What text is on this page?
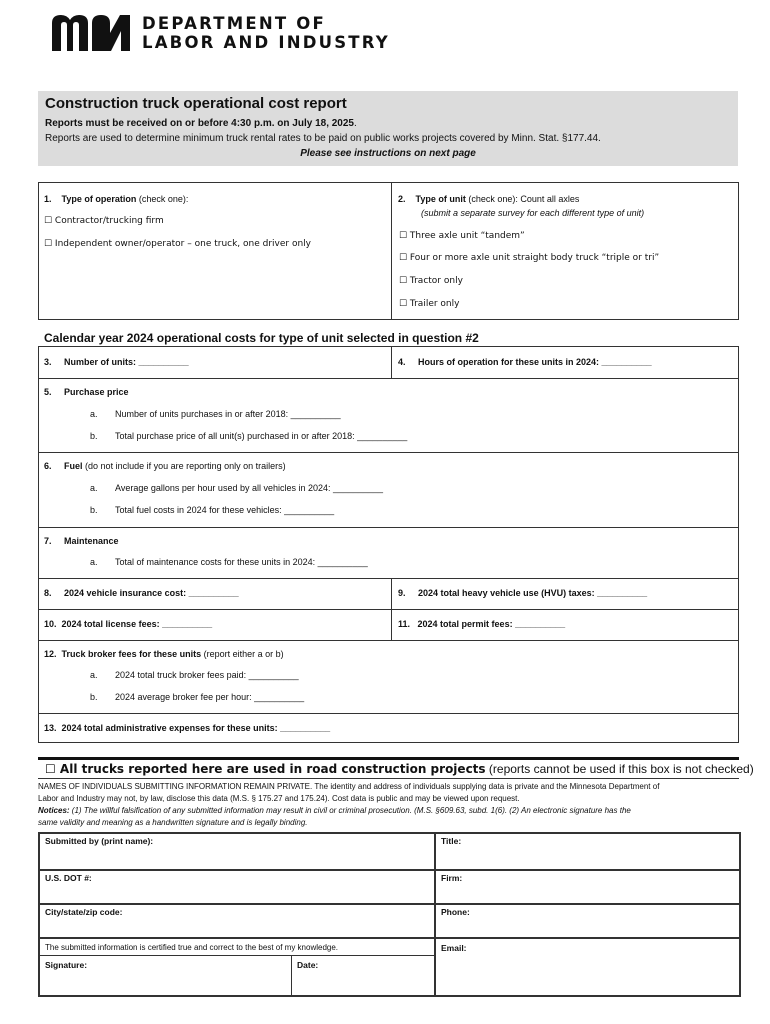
DEPARTMENT OF
LABOR AND INDUSTRY
Construction truck operational cost report
Reports must be received on or before 4:30 p.m. on July 18, 2025.
Reports are used to determine minimum truck rental rates to be paid on public works projects covered by Minn. Stat. §177.44.
Please see instructions on next page
1. Type of operation (check one):
☐ Contractor/trucking firm
☐ Independent owner/operator – one truck, one driver only
2. Type of unit (check one): Count all axles
(submit a separate survey for each different type of unit)
☐ Three axle unit “tandem”
☐ Four or more axle unit straight body truck “triple or tri”
☐ Tractor only
☐ Trailer only
Calendar year 2024 operational costs for type of unit selected in question #2
3. Number of units: __________	4. Hours of operation for these units in 2024: __________
5. Purchase price
a. Number of units purchases in or after 2018: __________
b. Total purchase price of all unit(s) purchased in or after 2018: __________
6. Fuel (do not include if you are reporting only on trailers)
a. Average gallons per hour used by all vehicles in 2024: __________
b. Total fuel costs in 2024 for these vehicles: __________
7. Maintenance
a. Total of maintenance costs for these units in 2024: __________
8. 2024 vehicle insurance cost: __________	9. 2024 total heavy vehicle use (HVU) taxes: __________
10. 2024 total license fees: __________	11. 2024 total permit fees: __________
12. Truck broker fees for these units (report either a or b)
a. 2024 total truck broker fees paid: __________
b. 2024 average broker fee per hour: __________
13. 2024 total administrative expenses for these units: __________
☐ All trucks reported here are used in road construction projects (reports cannot be used if this box is not checked)
NAMES OF INDIVIDUALS SUBMITTING INFORMATION REMAIN PRIVATE. The identity and address of individuals supplying data is private and the Minnesota Department of
Labor and Industry may not, by law, disclose this data (M.S. § 175.27 and 175.24). Cost data is public and may be viewed upon request.
Notices: (1) The willful falsification of any submitted information may result in civil or criminal prosecution. (M.S. §609.63, subd. 1(6). (2) An electronic signature has the
same validity and meaning as a handwritten signature and is legally binding.
Submitted by (print name):	Title:
U.S. DOT #:	Firm:
City/state/zip code:	Phone:
The submitted information is certified true and correct to the best of my knowledge.	Email:
Signature:	Date:
